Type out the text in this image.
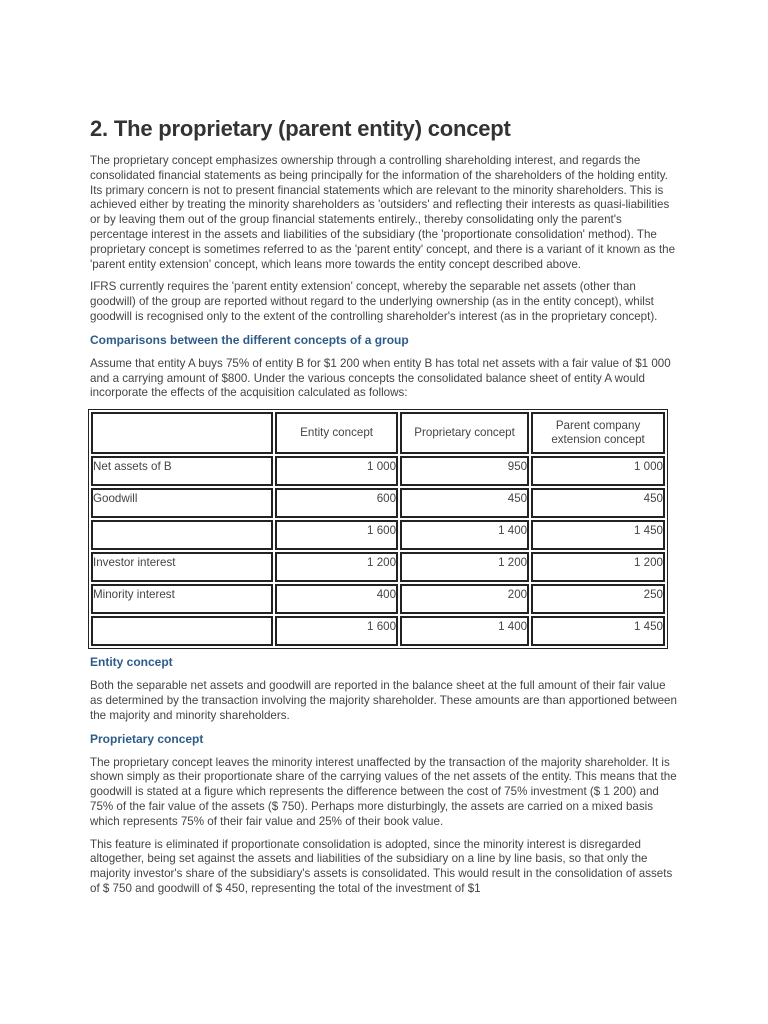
2. The proprietary (parent entity) concept

The proprietary concept emphasizes ownership through a controlling shareholding interest, and regards the consolidated financial statements as being principally for the information of the shareholders of the holding entity. Its primary concern is not to present financial statements which are relevant to the minority shareholders. This is achieved either by treating the minority shareholders as 'outsiders' and reflecting their interests as quasi-liabilities or by leaving them out of the group financial statements entirely., thereby consolidating only the parent's percentage interest in the assets and liabilities of the subsidiary (the 'proportionate consolidation' method). The proprietary concept is sometimes referred to as the 'parent entity' concept, and there is a variant of it known as the 'parent entity extension' concept, which leans more towards the entity concept described above.

IFRS currently requires the 'parent entity extension' concept, whereby the separable net assets (other than goodwill) of the group are reported without regard to the underlying ownership (as in the entity concept), whilst goodwill is recognised only to the extent of the controlling shareholder's interest (as in the proprietary concept).

Comparisons between the different concepts of a group

Assume that entity A buys 75% of entity B for $1 200 when entity B has total net assets with a fair value of $1 000 and a carrying amount of $800. Under the various concepts the consolidated balance sheet of entity A would incorporate the effects of the acquisition calculated as follows:

	Entity concept	Proprietary concept	Parent company extension concept
Net assets of B	1 000	950	1 000
Goodwill	600	450	450
	1 600	1 400	1 450
Investor interest	1 200	1 200	1 200
Minority interest	400	200	250
	1 600	1 400	1 450
Entity concept

Both the separable net assets and goodwill are reported in the balance sheet at the full amount of their fair value as determined by the transaction involving the majority shareholder. These amounts are than apportioned between the majority and minority shareholders.

Proprietary concept

The proprietary concept leaves the minority interest unaffected by the transaction of the majority shareholder. It is shown simply as their proportionate share of the carrying values of the net assets of the entity. This means that the goodwill is stated at a figure which represents the difference between the cost of 75% investment ($ 1 200) and 75% of the fair value of the assets ($ 750). Perhaps more disturbingly, the assets are carried on a mixed basis which represents 75% of their fair value and 25% of their book value.

This feature is eliminated if proportionate consolidation is adopted, since the minority interest is disregarded altogether, being set against the assets and liabilities of the subsidiary on a line by line basis, so that only the majority investor's share of the subsidiary's assets is consolidated. This would result in the consolidation of assets of $ 750 and goodwill of $ 450, representing the total of the investment of $1
